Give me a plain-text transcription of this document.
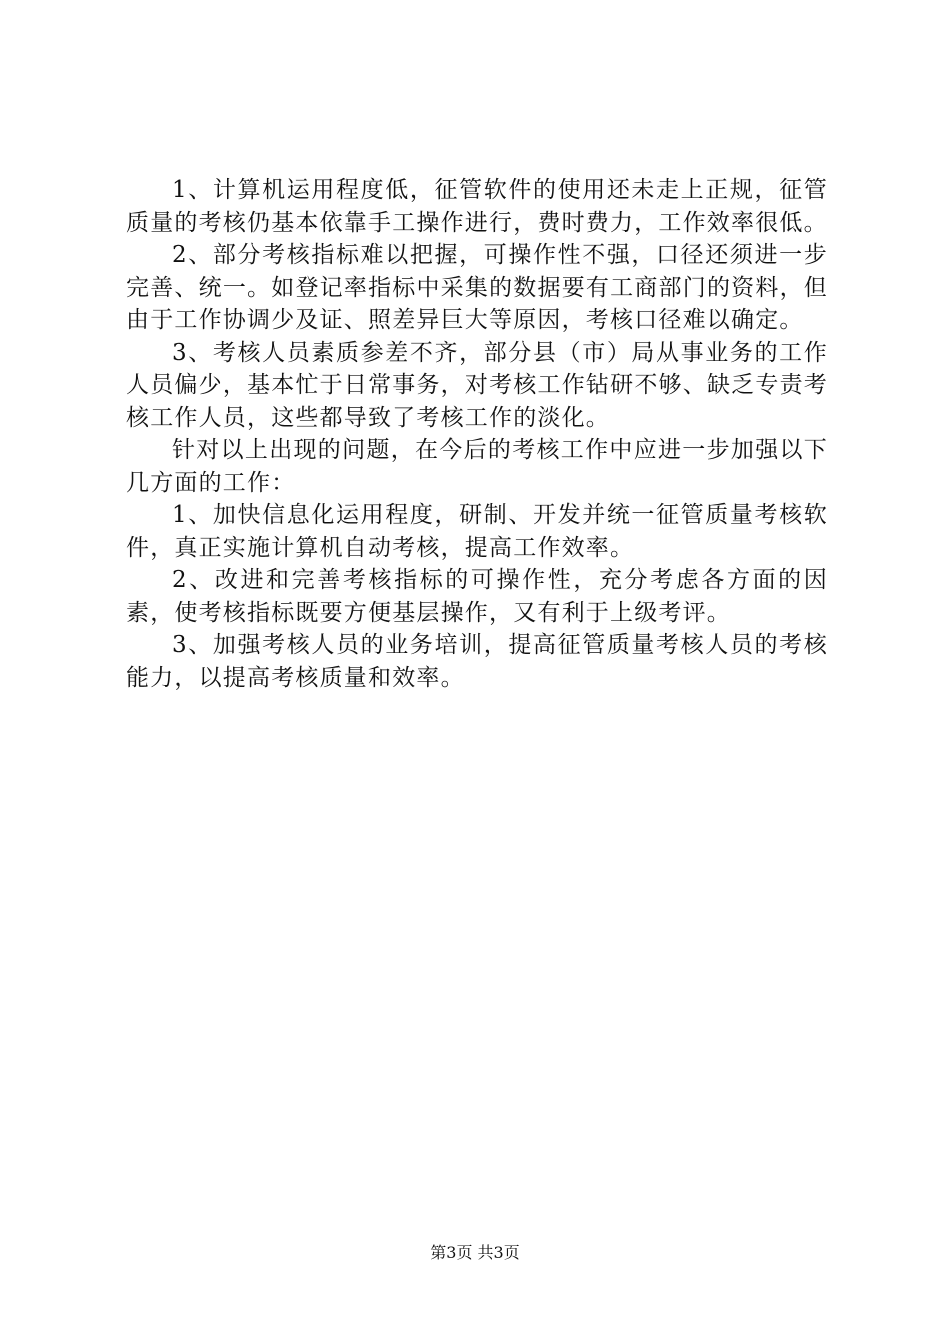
1、计算机运用程度低，征管软件的使用还未走上正规，征管质量的考核仍基本依靠手工操作进行，费时费力，工作效率很低。

2、部分考核指标难以把握，可操作性不强，口径还须进一步完善、统一。如登记率指标中采集的数据要有工商部门的资料，但由于工作协调少及证、照差异巨大等原因，考核口径难以确定。

3、考核人员素质参差不齐，部分县（市）局从事业务的工作人员偏少，基本忙于日常事务，对考核工作钻研不够、缺乏专责考核工作人员，这些都导致了考核工作的淡化。

针对以上出现的问题，在今后的考核工作中应进一步加强以下几方面的工作：

1、加快信息化运用程度，研制、开发并统一征管质量考核软件，真正实施计算机自动考核，提高工作效率。

2、改进和完善考核指标的可操作性，充分考虑各方面的因素，使考核指标既要方便基层操作，又有利于上级考评。

3、加强考核人员的业务培训，提高征管质量考核人员的考核能力，以提高考核质量和效率。

第3页 共3页
